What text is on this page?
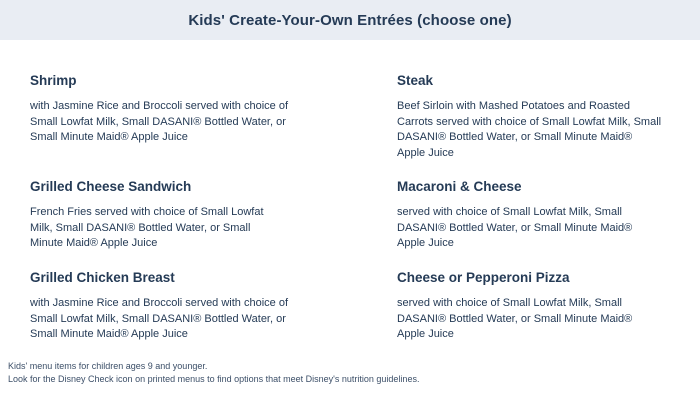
Kids' Create-Your-Own Entrées (choose one)
Shrimp

with Jasmine Rice and Broccoli served with choice of Small Lowfat Milk, Small DASANI® Bottled Water, or Small Minute Maid® Apple Juice

Steak

Beef Sirloin with Mashed Potatoes and Roasted Carrots served with choice of Small Lowfat Milk, Small DASANI® Bottled Water, or Small Minute Maid® Apple Juice

Grilled Cheese Sandwich

French Fries served with choice of Small Lowfat Milk, Small DASANI® Bottled Water, or Small Minute Maid® Apple Juice

Macaroni & Cheese

served with choice of Small Lowfat Milk, Small DASANI® Bottled Water, or Small Minute Maid® Apple Juice

Grilled Chicken Breast

with Jasmine Rice and Broccoli served with choice of Small Lowfat Milk, Small DASANI® Bottled Water, or Small Minute Maid® Apple Juice

Cheese or Pepperoni Pizza

served with choice of Small Lowfat Milk, Small DASANI® Bottled Water, or Small Minute Maid® Apple Juice

Kids' menu items for children ages 9 and younger.
Look for the Disney Check icon on printed menus to find options that meet Disney's nutrition guidelines.
